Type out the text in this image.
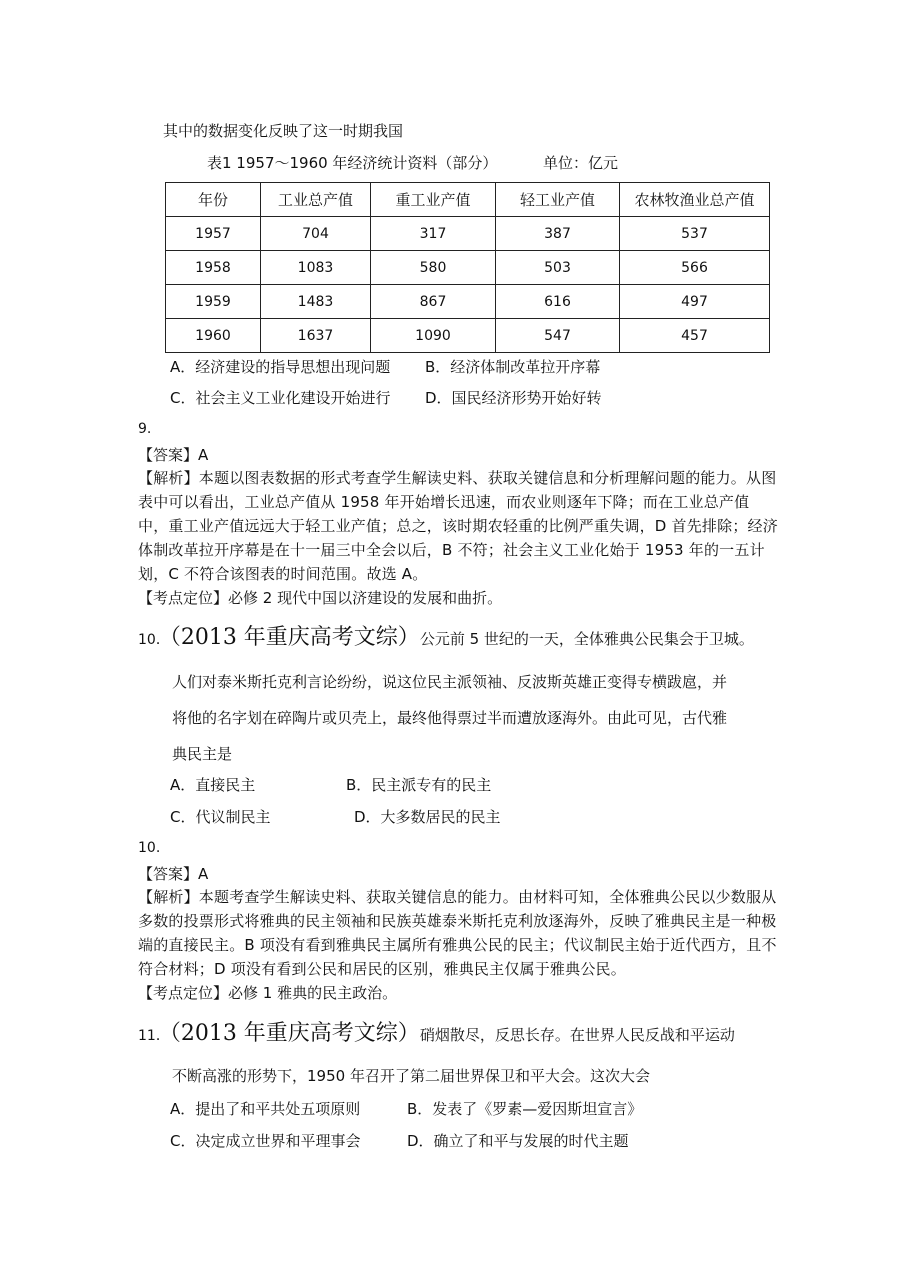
其中的数据变化反映了这一时期我国
表1 1957～1960 年经济统计资料（部分）	单位：亿元
年份	工业总产值	重工业产值	轻工业产值	农林牧渔业总产值
1957	704	317	387	537
1958	1083	580	503	566
1959	1483	867	616	497
1960	1637	1090	547	457
A．经济建设的指导思想出现问题 B．经济体制改革拉开序幕
C．社会主义工业化建设开始进行 D．国民经济形势开始好转
9.
【答案】A
【解析】本题以图表数据的形式考查学生解读史料、获取关键信息和分析理解问题的能力。从图表中可以看出，工业总产值从 1958 年开始增长迅速，而农业则逐年下降；而在工业总产值中，重工业产值远远大于轻工业产值；总之，该时期农轻重的比例严重失调，D 首先排除；经济体制改革拉开序幕是在十一届三中全会以后，B 不符；社会主义工业化始于 1953 年的一五计划，C 不符合该图表的时间范围。故选 A。
【考点定位】必修 2 现代中国以济建设的发展和曲折。
10．（2013 年重庆高考文综）公元前 5 世纪的一天，全体雅典公民集会于卫城。
人们对泰米斯托克利言论纷纷，说这位民主派领袖、反波斯英雄正变得专横跋扈，并
将他的名字划在碎陶片或贝壳上，最终他得票过半而遭放逐海外。由此可见，古代雅
典民主是
A．直接民主	B．民主派专有的民主
C．代议制民主	D．大多数居民的民主
10.
【答案】A
【解析】本题考查学生解读史料、获取关键信息的能力。由材料可知，全体雅典公民以少数服从多数的投票形式将雅典的民主领袖和民族英雄泰米斯托克利放逐海外，反映了雅典民主是一种极端的直接民主。B 项没有看到雅典民主属所有雅典公民的民主；代议制民主始于近代西方，且不符合材料；D 项没有看到公民和居民的区别，雅典民主仅属于雅典公民。
【考点定位】必修 1 雅典的民主政治。
11．（2013 年重庆高考文综）硝烟散尽，反思长存。在世界人民反战和平运动
不断高涨的形势下，1950 年召开了第二届世界保卫和平大会。这次大会
A．提出了和平共处五项原则	B．发表了《罗素—爱因斯坦宣言》
C．决定成立世界和平理事会	D．确立了和平与发展的时代主题
